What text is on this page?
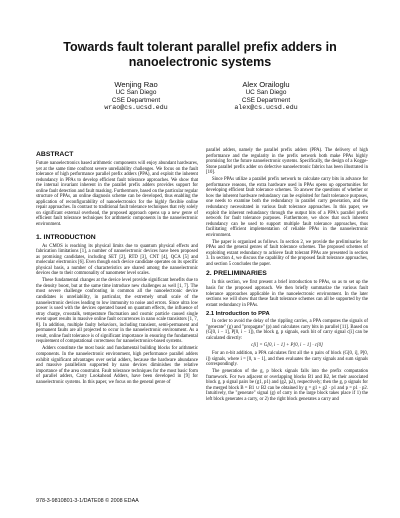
Towards fault tolerant parallel prefix adders in
nanoelectronic systems
Wenjing Rao
UC San Diego
CSE Department
wrao@cs.ucsd.edu
Alex Orailoglu
UC San Diego
CSE Department
alex@cs.ucsd.edu
ABSTRACT

Future nanoelectronics based arithmetic components will enjoy abundant hardwares, yet at the same time confront severe unreliability challenges. We focus on the fault tolerance of high performance parallel prefix adders (PPA), and exploit the inherent redundancy in PPAs to develop efficient fault tolerance approaches. We show that the internal invariant inherent in the parallel prefix adders provides support for online fault detection and fault masking. Furthermore, based on the particular regular structure of PPAs, an online diagnosis scheme can be developed, thus enabling the application of reconfigurability of nanoelectronics for the highly flexible online repair approaches. In contrast to traditional fault tolerance techniques that rely solely on significant external overhead, the proposed approach opens up a new genre of efficient fault tolerance techniques for arithmetic components in the nanoelectronic environment.

1. INTRODUCTION

As CMOS is reaching its physical limits due to quantum physical effects and fabrication limitations [1], a number of nanoelectronic devices have been proposed as promising candidates, including SET [2], RTD [3], CNT [4], QCA [5] and molecular electronics [6]. Even though each device candidate operates on its specific physical basis, a number of characteristics are shared among the nanoelectronic devices due to their commonality of nanometer level scales.

These fundamental changes at the device level provide significant benefits due to the density boost, but at the same time introduce new challenges as well [1, 7]. The most severe challenge confronting in common all the nanoelectronic device candidates is unreliability, in particular, the extremely small scale of the nanoelectronic devices leading to low immunity to noise and errors. Since ultra low power is used with the devices operated based on quantum effects, the influence of stray charge, crosstalk, temperature fluctuation and cosmic particle caused single event upset results in massive online fault occurrences in nano scale transistors [1, 7, 8]. In addition, multiple faulty behaviors, including transient, semi-permanent and permanent faults are all projected to occur in the nanoelectronic environment. As a result, online fault tolerance is of significant importance in ensuring the fundamental requirement of computational correctness for nanoelectronics-based systems.

Adders constitute the most basic and fundamental building blocks for arithmetic components. In the nanoelectronic environment, high performance parallel adders exhibit significant advantages over serial adders, because the hardware abundance and massive parallelism supported by nano devices diminishes the relative importance of the area constraint. Fault tolerance techniques for the most basic form of parallel adders, Carry Lookahead Adders, have been developed in [9] for nanoelectronic systems. In this paper, we focus on the general genre of

parallel adders, namely the parallel prefix adders (PPA). The delivery of high performance and the regularity in the prefix network both make PPAs highly promising for the future nanoelectronic systems. Specifically, the design of a Kogge-Stone parallel prefix adder on defective nanoelectronic fabrics has been illustrated in [10].

Since PPAs utilize a parallel prefix network to calculate carry bits in advance for performance reasons, the extra hardware used in PPAs opens up opportunities for developing efficient fault tolerance schemes. To answer the questions of whether or how the inherent hardware redundancy can be exploited for fault tolerance purposes, one needs to examine both the redundancy in parallel carry generation, and the redundancy necessitated in various fault tolerance approaches. In this paper, we exploit the inherent redundancy through the output bits of a PPA's parallel prefix network for fault tolerance purposes. Furthermore, we show that such inherent redundancy can be used to support multiple fault tolerance approaches, thus facilitating efficient implementation of reliable PPAs in the nanoelectronic environment.

The paper is organized as follows. In section 2, we provide the preliminaries for PPAs and the general genres of fault tolerance schemes. The proposed schemes of exploiting extant redundancy to achieve fault tolerant PPAs are presented in section 3. In section 4, we discuss the capability of the proposed fault tolerance approaches, and section 5 concludes the paper.

2. PRELIMINARIES

In this section, we first present a brief introduction to PPAs, so as to set up the basis for the proposed approach. We then briefly summarize the various fault tolerance approaches applicable in the nanoelectronic environment. In the later sections we will show that these fault tolerance schemes can all be supported by the extant redundancy in PPAs.

2.1 Introduction to PPA

In order to avoid the delay of the rippling carries, a PPA computes the signals of "generate" (g) and "propagate" (p) and calculates carry bits in parallel [11]. Based on (G[0, i − 1], P[0, i − 1]), the block g, p signals, each bit of carry signal c[i] can be calculated directly:

c[i] = G[0, i − 1] + P[0, i − 1] · c[0]

For an n-bit addition, a PPA calculates first all the n pairs of block (G[0, i], P[0, i]) signals, where i = [0, n − 1], and then evaluates the carry signals and sum signals correspondingly.

The generation of the g, p block signals falls into the prefix computation framework. For two adjacent or overlapping blocks B1 and B2, let their associated block g, p signal pairs be (g1, p1) and (g2, p2), respectively; then the g, p signals for the merged block B = B1 ∪ B2 can be obtained by g = g1 + g2 · p1 and p = p1 · p2. Intuitively, the "generate" signal (g) of carry in the large block takes place if 1) the left block generates a carry, or 2) the right block generates a carry and

978-3-9810801-3-1/DATE08 © 2008 EDAA
